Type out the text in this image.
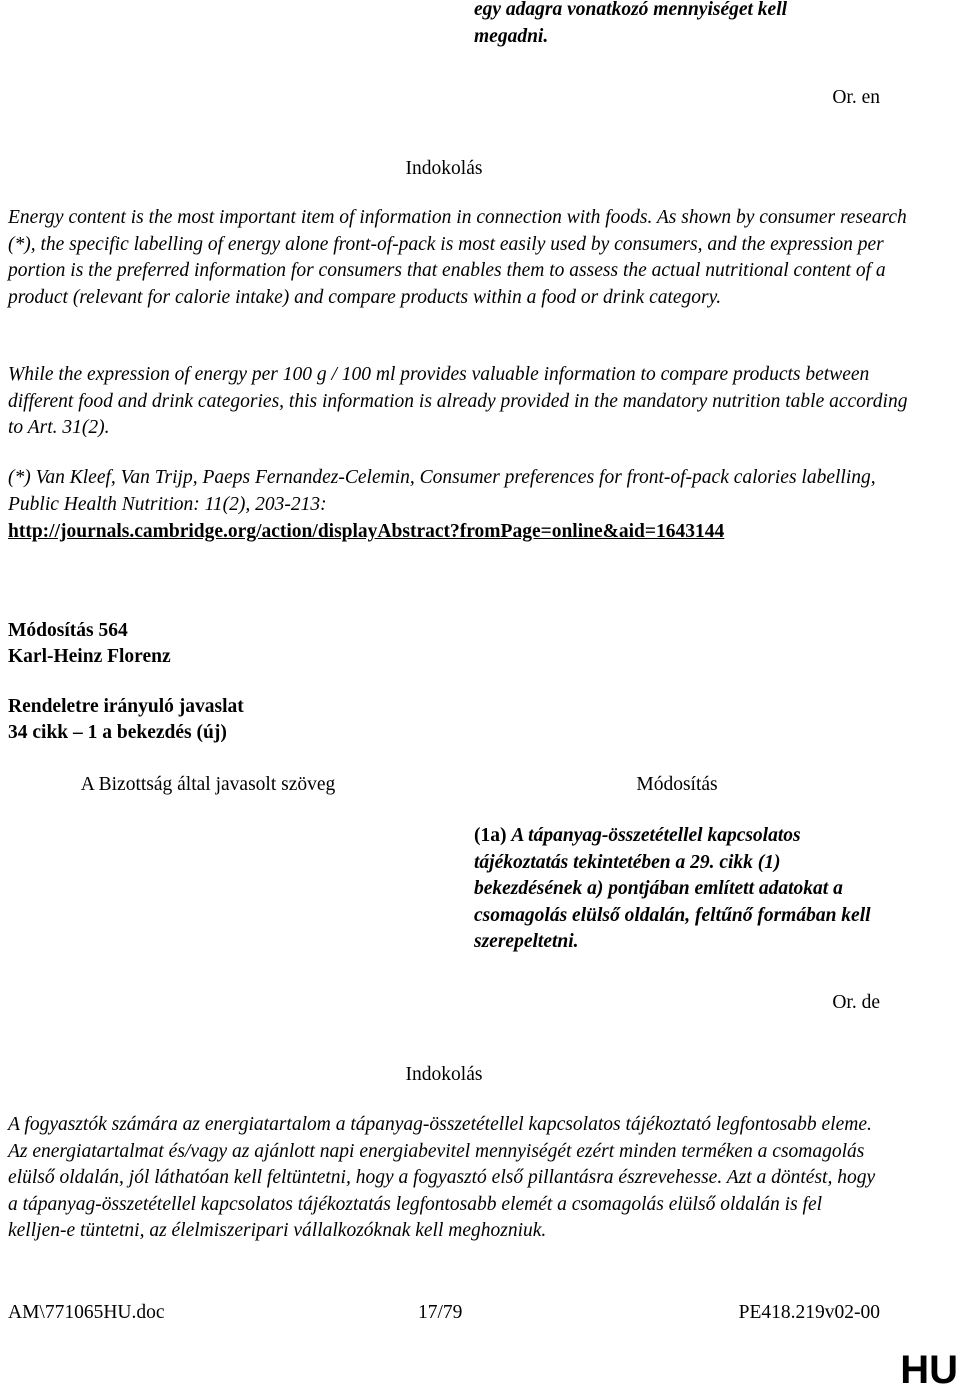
egy adagra vonatkozó mennyiséget kell
megadni.
Or. en
Indokolás
Energy content is the most important item of information in connection with foods. As shown by consumer research (*), the specific labelling of energy alone front-of-pack is most easily used by consumers, and the expression per portion is the preferred information for consumers that enables them to assess the actual nutritional content of a product (relevant for calorie intake) and compare products within a food or drink category.
While the expression of energy per 100 g / 100 ml provides valuable information to compare products between different food and drink categories, this information is already provided in the mandatory nutrition table according to Art. 31(2).
(*) Van Kleef, Van Trijp, Paeps Fernandez-Celemin, Consumer preferences for front-of-pack calories labelling, Public Health Nutrition: 11(2), 203-213:
http://journals.cambridge.org/action/displayAbstract?fromPage=online&aid=1643144
Módosítás 564
Karl-Heinz Florenz
Rendeletre irányuló javaslat
34 cikk – 1 a bekezdés (új)
A Bizottság által javasolt szöveg	Módosítás
(1a) A tápanyag-összetétellel kapcsolatos tájékoztatás tekintetében a 29. cikk (1) bekezdésének a) pontjában említett adatokat a csomagolás elülső oldalán, feltűnő formában kell szerepeltetni.
Or. de
Indokolás
A fogyasztók számára az energiatartalom a tápanyag-összetétellel kapcsolatos tájékoztató legfontosabb eleme. Az energiatartalmat és/vagy az ajánlott napi energiabevitel mennyiségét ezért minden terméken a csomagolás elülső oldalán, jól láthatóan kell feltüntetni, hogy a fogyasztó első pillantásra észrevehesse. Azt a döntést, hogy a tápanyag-összetétellel kapcsolatos tájékoztatás legfontosabb elemét a csomagolás elülső oldalán is fel kelljen-e tüntetni, az élelmiszeripari vállalkozóknak kell meghozniuk.
AM\771065HU.doc	17/79	PE418.219v02-00
HU
